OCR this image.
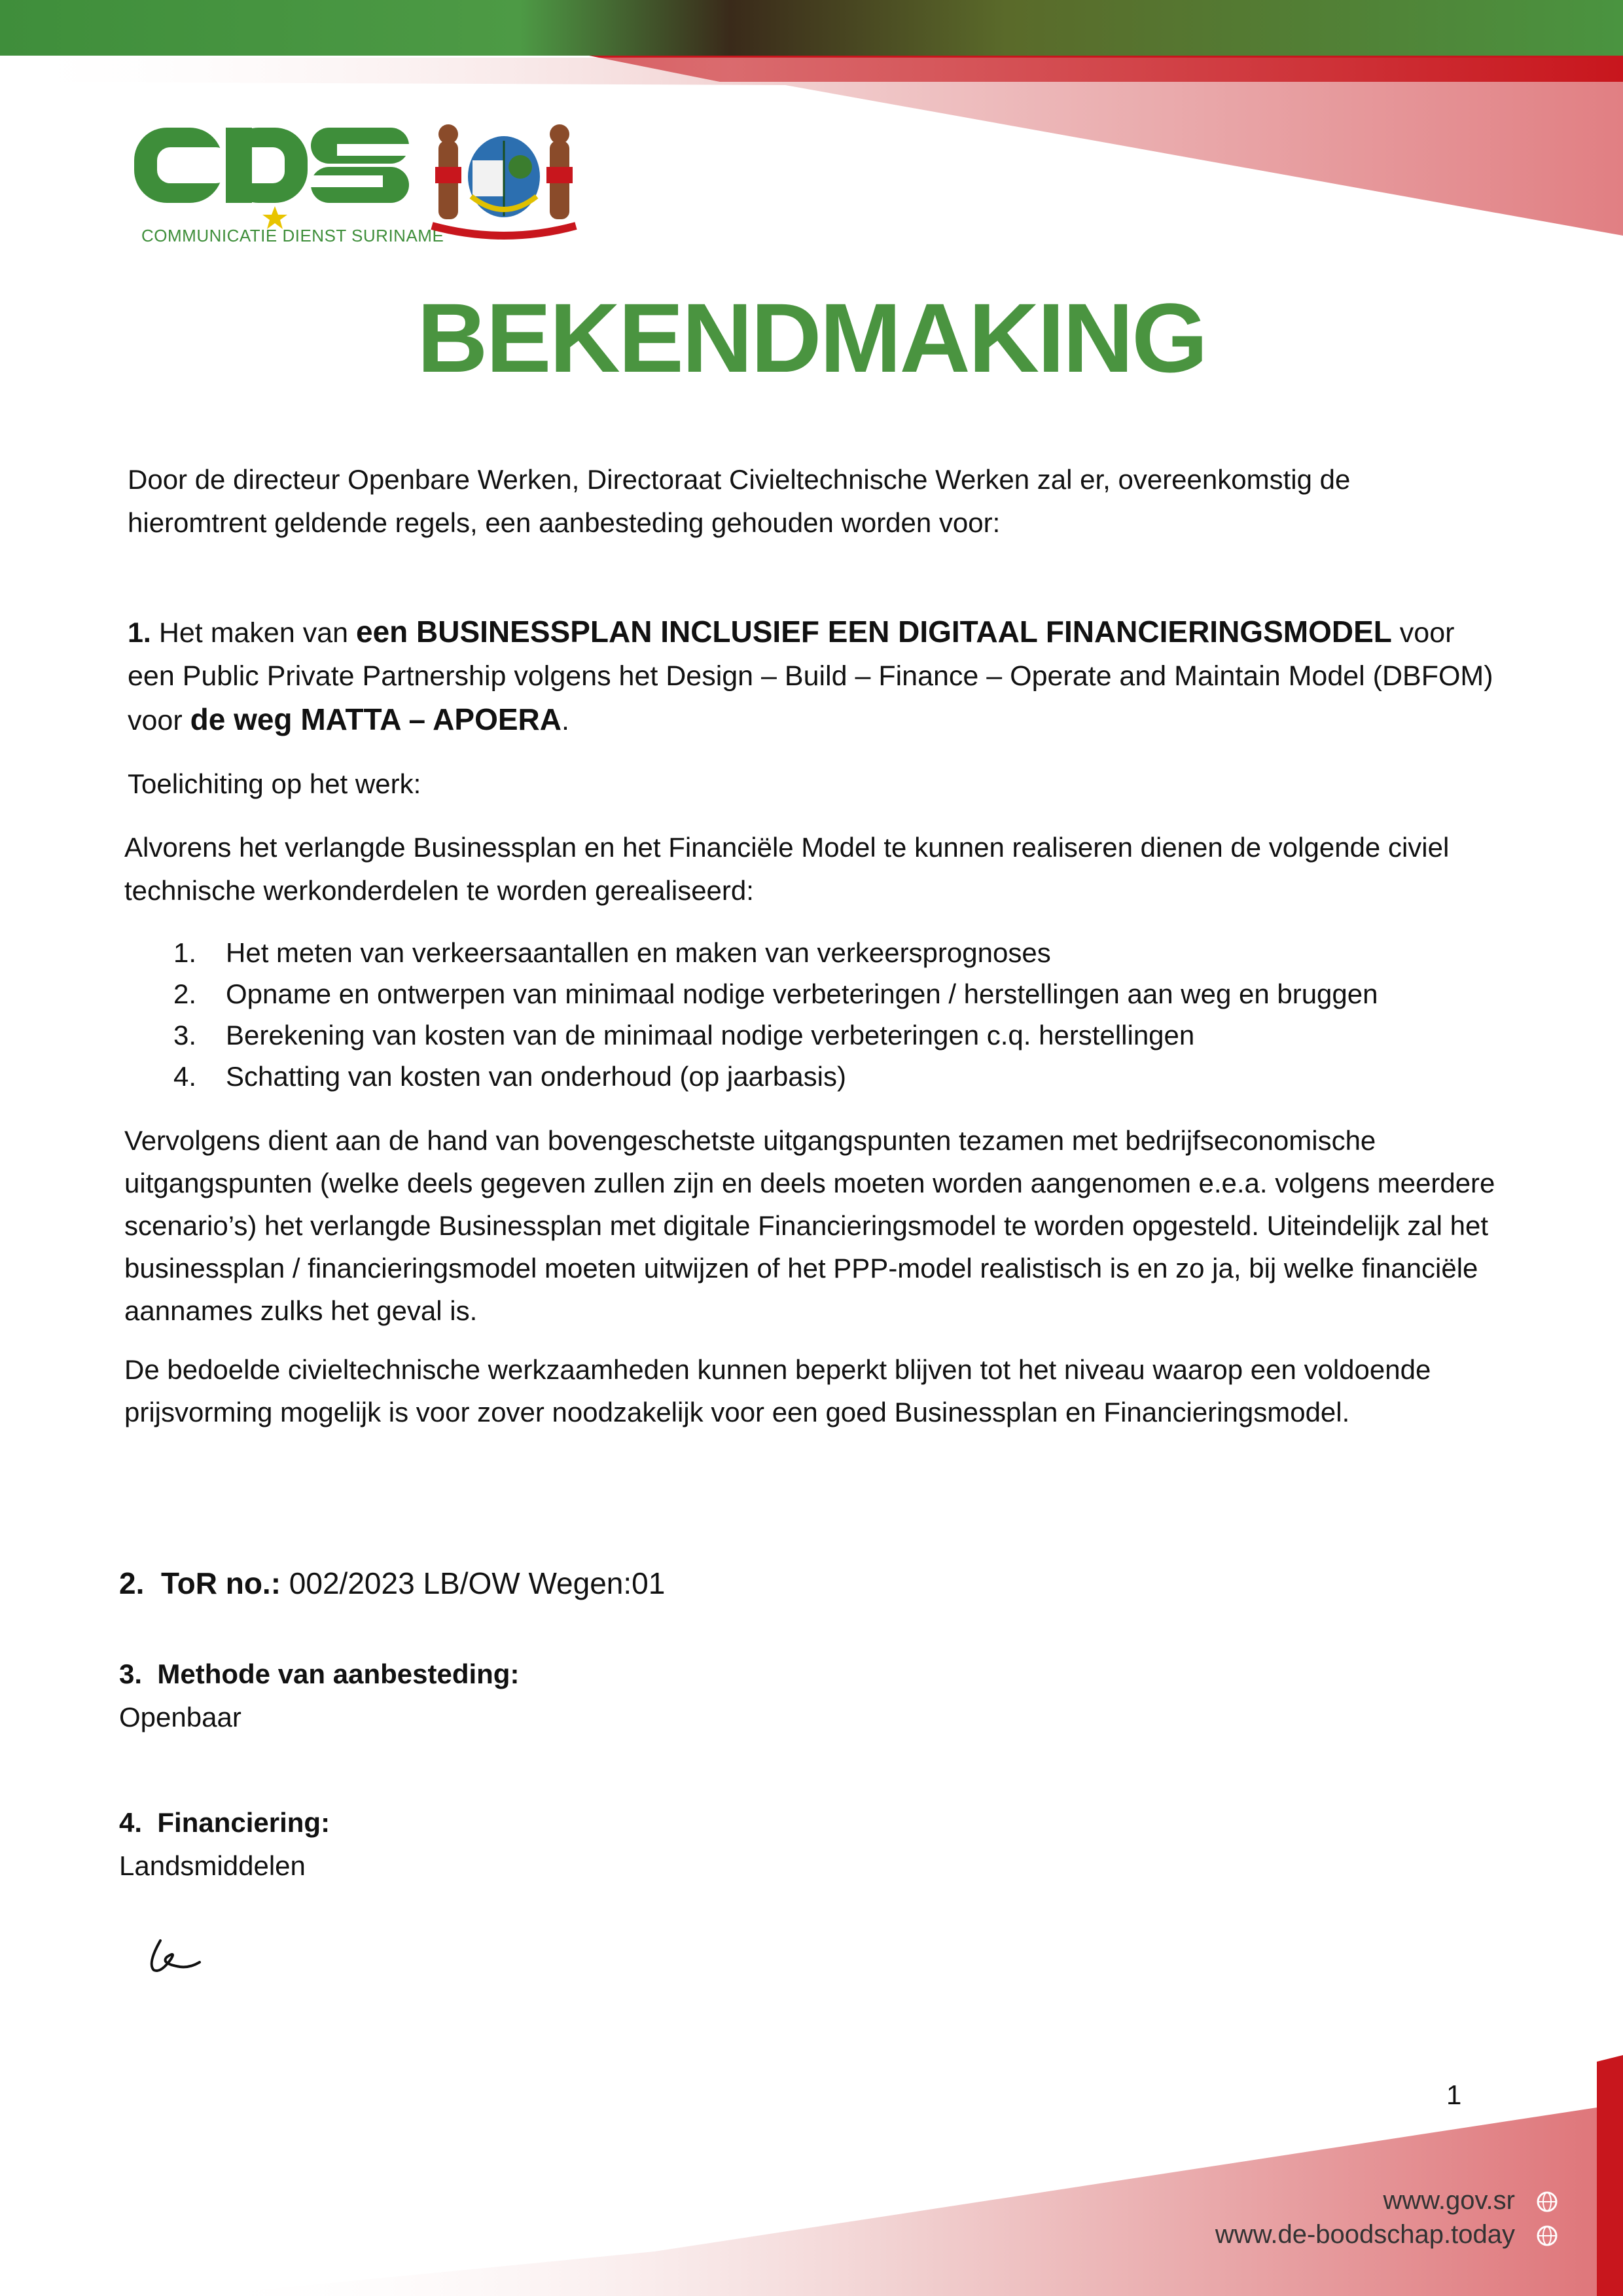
COMMUNICATIE DIENST SURINAME
BEKENDMAKING

Door de directeur Openbare Werken, Directoraat Civieltechnische Werken zal er, overeenkomstig de hieromtrent geldende regels, een aanbesteding gehouden worden voor:

1. Het maken van een BUSINESSPLAN INCLUSIEF EEN DIGITAAL FINANCIERINGSMODEL voor een Public Private Partnership volgens het Design – Build – Finance – Operate and Maintain Model (DBFOM) voor de weg MATTA – APOERA.

Toelichiting op het werk:

Alvorens het verlangde Businessplan en het Financiële Model te kunnen realiseren dienen de volgende civiel technische werkonderdelen te worden gerealiseerd:

1. Het meten van verkeersaantallen en maken van verkeersprognoses
2. Opname en ontwerpen van minimaal nodige verbeteringen / herstellingen aan weg en bruggen
3. Berekening van kosten van de minimaal nodige verbeteringen c.q. herstellingen
4. Schatting van kosten van onderhoud (op jaarbasis)

Vervolgens dient aan de hand van bovengeschetste uitgangspunten tezamen met bedrijfseconomische uitgangspunten (welke deels gegeven zullen zijn en deels moeten worden aangenomen e.e.a. volgens meerdere scenario’s) het verlangde Businessplan met digitale Financieringsmodel te worden opgesteld. Uiteindelijk zal het businessplan / financieringsmodel moeten uitwijzen of het PPP-model realistisch is en zo ja, bij welke financiële aannames zulks het geval is.

De bedoelde civieltechnische werkzaamheden kunnen beperkt blijven tot het niveau waarop een voldoende prijsvorming mogelijk is voor zover noodzakelijk voor een goed Businessplan en Financieringsmodel.

2. ToR no.: 002/2023 LB/OW Wegen:01

3. Methode van aanbesteding:
Openbaar
4. Financiering:
Landsmiddelen
1
www.gov.sr
www.de-boodschap.today
